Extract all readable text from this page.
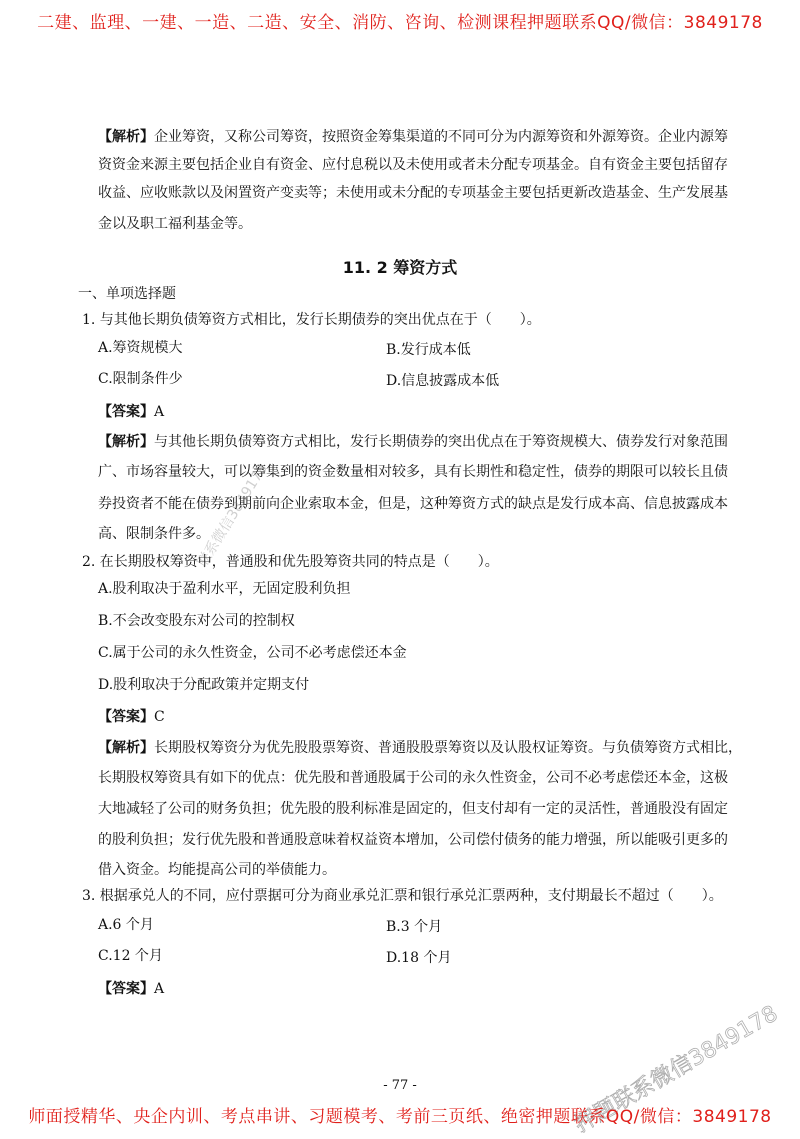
二建、监理、一建、一造、二造、安全、消防、咨询、检测课程押题联系QQ/微信：3849178
【解析】企业筹资，又称公司筹资，按照资金筹集渠道的不同可分为内源筹资和外源筹资。企业内源筹
资资金来源主要包括企业自有资金、应付息税以及未使用或者未分配专项基金。自有资金主要包括留存
收益、应收账款以及闲置资产变卖等；未使用或未分配的专项基金主要包括更新改造基金、生产发展基
金以及职工福利基金等。
11. 2 筹资方式
一、单项选择题
1. 与其他长期负债筹资方式相比，发行长期债券的突出优点在于（　　）。
A.筹资规模大	B.发行成本低
C.限制条件少	D.信息披露成本低
【答案】A
【解析】与其他长期负债筹资方式相比，发行长期债券的突出优点在于筹资规模大、债券发行对象范围
广、市场容量较大，可以筹集到的资金数量相对较多，具有长期性和稳定性，债券的期限可以较长且债
券投资者不能在债券到期前向企业索取本金，但是，这种筹资方式的缺点是发行成本高、信息披露成本
高、限制条件多。
2. 在长期股权筹资中，普通股和优先股筹资共同的特点是（　　）。
A.股利取决于盈利水平，无固定股利负担
B.不会改变股东对公司的控制权
C.属于公司的永久性资金，公司不必考虑偿还本金
D.股利取决于分配政策并定期支付
【答案】C
【解析】长期股权筹资分为优先股股票筹资、普通股股票筹资以及认股权证筹资。与负债筹资方式相比，
长期股权筹资具有如下的优点：优先股和普通股属于公司的永久性资金，公司不必考虑偿还本金，这极
大地减轻了公司的财务负担；优先股的股利标准是固定的，但支付却有一定的灵活性，普通股没有固定
的股利负担；发行优先股和普通股意味着权益资本增加，公司偿付债务的能力增强，所以能吸引更多的
借入资金。均能提高公司的举债能力。
3. 根据承兑人的不同，应付票据可分为商业承兑汇票和银行承兑汇票两种，支付期最长不超过（　　）。
A.6 个月	B.3 个月
C.12 个月	D.18 个月
【答案】A
- 77 -
联系微信3849178
押题联系微信3849178
师面授精华、央企内训、考点串讲、习题模考、考前三页纸、绝密押题联系QQ/微信：3849178
